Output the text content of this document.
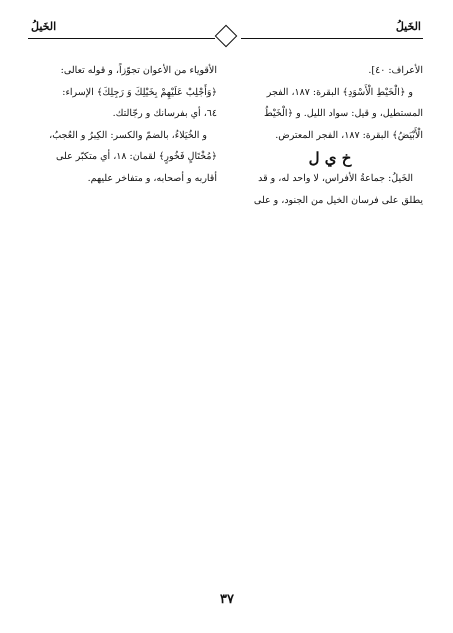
الخَيلُ	الخَيلُ

الأعراف: ٤٠].

و ﴿الْخَيْطِ الْأَسْوَدِ﴾ البقرة: ١٨٧، الفجر

المستطيل، و قيل: سواد الليل. و ﴿الْخَيْطُ

الْأَبْيَضُ﴾ البقرة: ١٨٧، الفجر المعترض.

خ ي ل

الخَيلُ: جماعةُ الأفراس، لا واحد له، و قد

يطلق على فرسان الخيل من الجنود، و على

الأقوياء من الأعوان تجوّزاً، و قوله تعالى:

﴿وَأَجْلِبْ عَلَيْهِمْ بِخَيْلِكَ وَ رَجِلِكَ﴾ الإسراء:

٦٤، أي بفرسانك و رجّالتك.

و الخُيَلاءُ، بالضمّ والكسر: الكِبرُ و العُجبُ،

﴿مُخْتَالٍ فَخُورٍ﴾ لقمان: ١٨، أي متكبّر على

أقاربه و أصحابه، و متفاخر عليهم.

٣٧
